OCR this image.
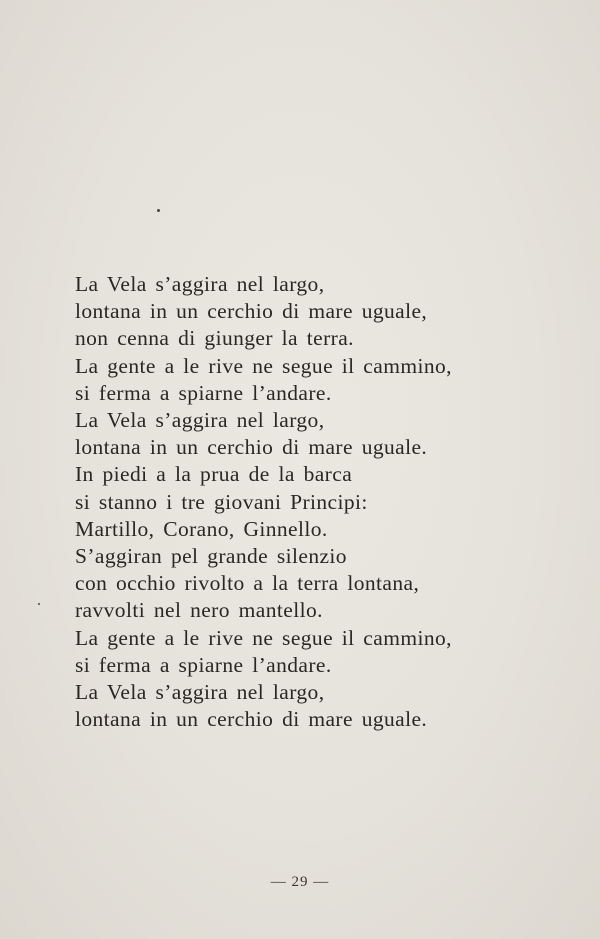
La Vela s’aggira nel largo,
lontana in un cerchio di mare uguale,
non cenna di giunger la terra.
La gente a le rive ne segue il cammino,
si ferma a spiarne l’andare.
La Vela s’aggira nel largo,
lontana in un cerchio di mare uguale.
In piedi a la prua de la barca
si stanno i tre giovani Principi:
Martillo, Corano, Ginnello.
S’aggiran pel grande silenzio
con occhio rivolto a la terra lontana,
ravvolti nel nero mantello.
La gente a le rive ne segue il cammino,
si ferma a spiarne l’andare.
La Vela s’aggira nel largo,
lontana in un cerchio di mare uguale.
— 29 —
